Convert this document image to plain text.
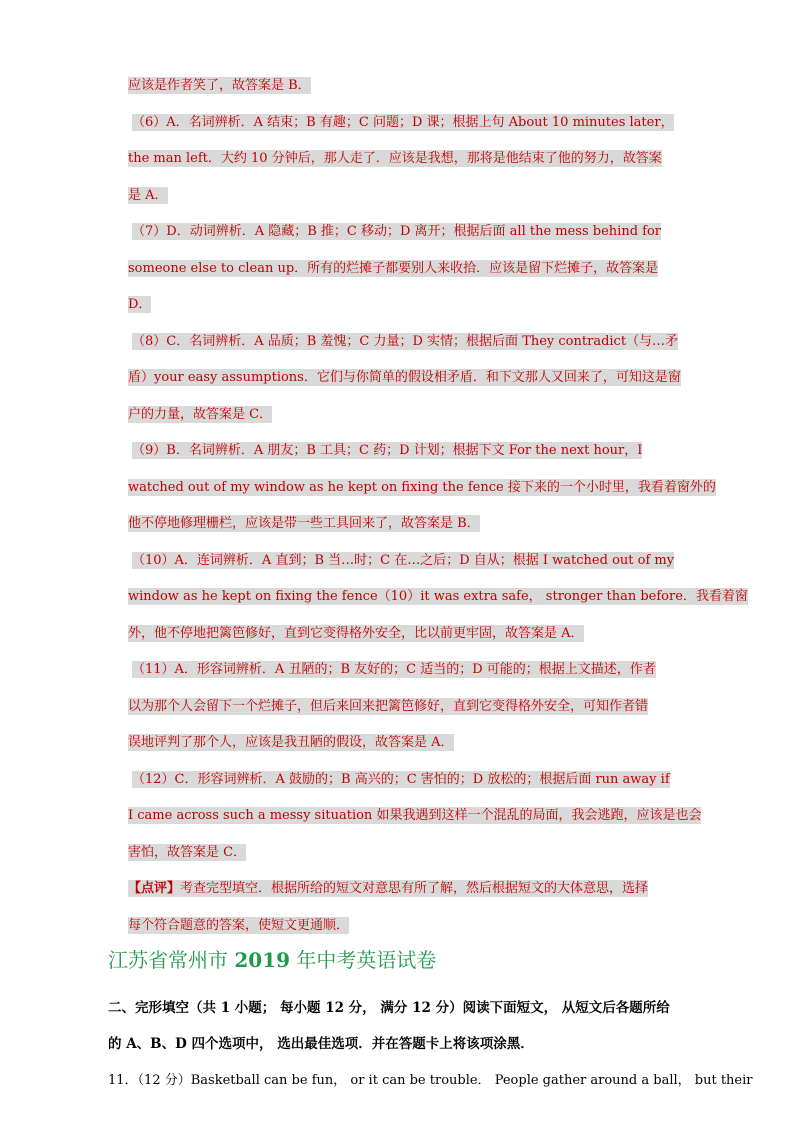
应该是作者笑了，故答案是 B．
（6）A．名词辨析．A 结束；B 有趣；C 问题；D 课；根据上句 About 10 minutes later，
the man left．大约 10 分钟后，那人走了．应该是我想，那将是他结束了他的努力，故答案
是 A．
（7）D．动词辨析．A 隐藏；B 推；C 移动；D 离开；根据后面 all the mess behind for
someone else to clean up．所有的烂摊子都要别人来收拾．应该是留下烂摊子，故答案是
D．
（8）C．名词辨析．A 品质；B 羞愧；C 力量；D 实情；根据后面 They contradict（与…矛
盾）your easy assumptions．它们与你简单的假设相矛盾．和下文那人又回来了，可知这是窗
户的力量，故答案是 C．
（9）B．名词辨析．A 朋友；B 工具；C 药；D 计划；根据下文 For the next hour，I
watched out of my window as he kept on fixing the fence 接下来的一个小时里，我看着窗外的
他不停地修理栅栏，应该是带一些工具回来了，故答案是 B．
（10）A．连词辨析．A 直到；B 当…时；C 在…之后；D 自从；根据 I watched out of my
window as he kept on fixing the fence（10）it was extra safe， stronger than before．我看着窗
外，他不停地把篱笆修好，直到它变得格外安全，比以前更牢固，故答案是 A．
（11）A．形容词辨析．A 丑陋的；B 友好的；C 适当的；D 可能的；根据上文描述，作者
以为那个人会留下一个烂摊子，但后来回来把篱笆修好，直到它变得格外安全，可知作者错
误地评判了那个人，应该是我丑陋的假设，故答案是 A．
（12）C．形容词辨析．A 鼓励的；B 高兴的；C 害怕的；D 放松的；根据后面 run away if
I came across such a messy situation 如果我遇到这样一个混乱的局面，我会逃跑，应该是也会
害怕，故答案是 C．
【点评】考查完型填空．根据所给的短文对意思有所了解，然后根据短文的大体意思，选择
每个符合题意的答案，使短文更通顺．
江苏省常州市 2019 年中考英语试卷
二、完形填空（共 1 小题； 每小题 12 分， 满分 12 分）阅读下面短文， 从短文后各题所给
的 A、B、D 四个选项中， 选出最佳选项．并在答题卡上将该项涂黑．
11．（12 分）Basketball can be fun， or it can be trouble． People gather around a ball， but their
